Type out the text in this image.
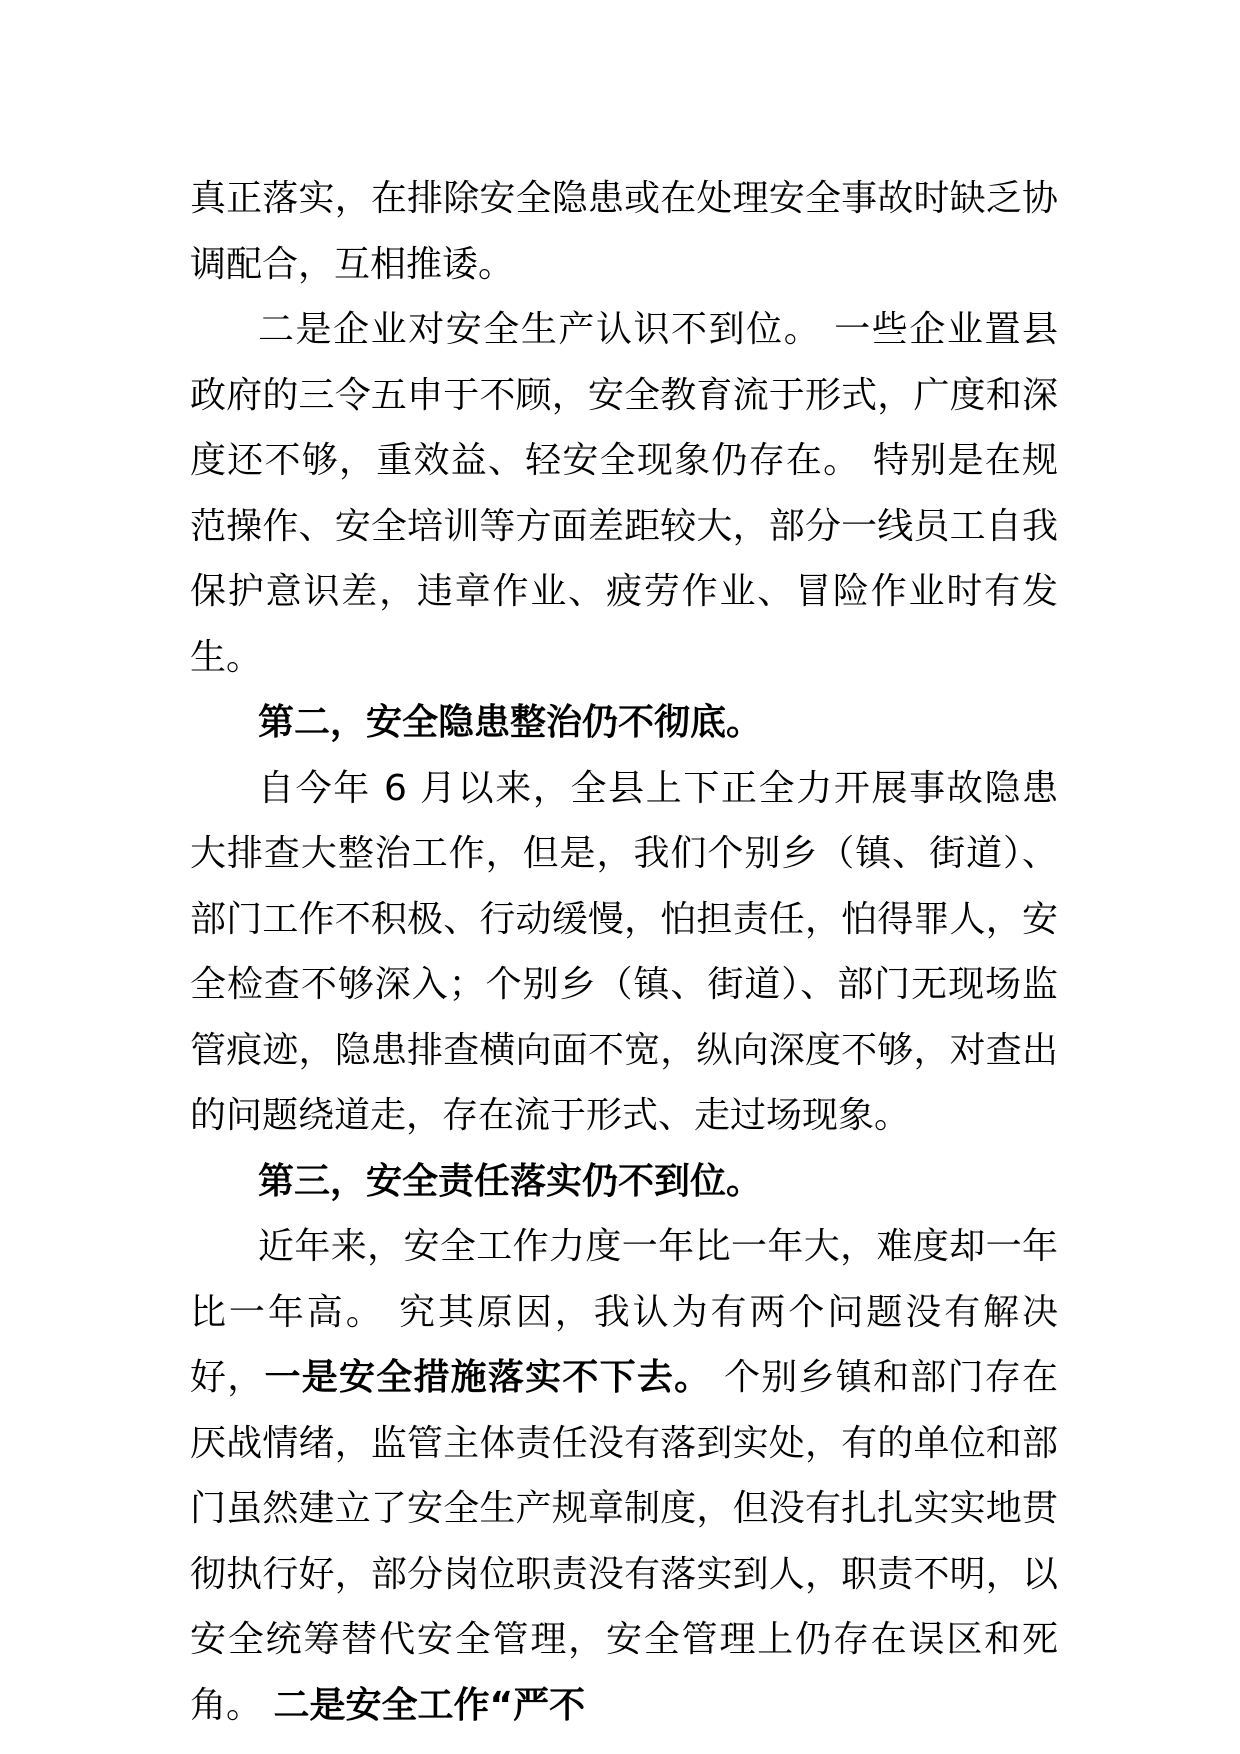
真正落实，在排除安全隐患或在处理安全事故时缺乏协调配合，互相推诿。

二是企业对安全生产认识不到位。 一些企业置县政府的三令五申于不顾，安全教育流于形式，广度和深度还不够，重效益、轻安全现象仍存在。 特别是在规范操作、安全培训等方面差距较大，部分一线员工自我保护意识差，违章作业、疲劳作业、冒险作业时有发生。

第二，安全隐患整治仍不彻底。

自今年 6 月以来，全县上下正全力开展事故隐患大排查大整治工作，但是，我们个别乡（镇、街道）、部门工作不积极、行动缓慢，怕担责任，怕得罪人，安全检查不够深入；个别乡（镇、街道）、部门无现场监管痕迹，隐患排查横向面不宽，纵向深度不够，对查出的问题绕道走，存在流于形式、走过场现象。

第三，安全责任落实仍不到位。

近年来，安全工作力度一年比一年大，难度却一年比一年高。 究其原因，我认为有两个问题没有解决好，一是安全措施落实不下去。 个别乡镇和部门存在厌战情绪，监管主体责任没有落到实处，有的单位和部门虽然建立了安全生产规章制度，但没有扎扎实实地贯彻执行好，部分岗位职责没有落实到人，职责不明，以安全统筹替代安全管理，安全管理上仍存在误区和死角。 二是安全工作“严不
